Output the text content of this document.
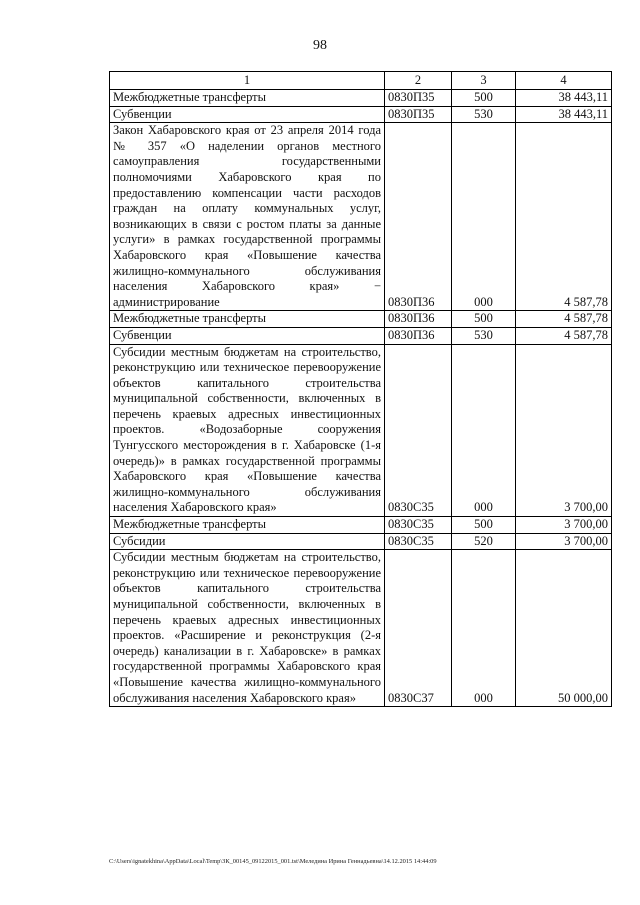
98
1	2	3	4
Межбюджетные трансферты	0830П35	500	38 443,11
Субвенции	0830П35	530	38 443,11
Закон Хабаровского края от 23 апреля 2014 года № 357 «О наделении органов местного самоуправления государственными полномочиями Хабаровского края по предоставлению компенсации части расходов граждан на оплату коммунальных услуг, возникающих в связи с ростом платы за данные услуги» в рамках государственной программы Хабаровского края «Повышение качества жилищно-коммунального обслуживания населения Хабаровского края» − администрирование	0830П36	000	4 587,78
Межбюджетные трансферты	0830П36	500	4 587,78
Субвенции	0830П36	530	4 587,78
Субсидии местным бюджетам на строительство, реконструкцию или техническое перевооружение объектов капитального строительства муниципальной собственности, включенных в перечень краевых адресных инвестиционных проектов. «Водозаборные сооружения Тунгусского месторождения в г. Хабаровске (1-я очередь)» в рамках государственной программы Хабаровского края «Повышение качества жилищно-коммунального обслуживания населения Хабаровского края»	0830С35	000	3 700,00
Межбюджетные трансферты	0830С35	500	3 700,00
Субсидии	0830С35	520	3 700,00
Субсидии местным бюджетам на строительство, реконструкцию или техническое перевооружение объектов капитального строительства муниципальной собственности, включенных в перечень краевых адресных инвестиционных проектов. «Расширение и реконструкция (2-я очередь) канализации в г. Хабаровске» в рамках государственной программы Хабаровского края «Повышение качества жилищно-коммунального обслуживания населения Хабаровского края»	0830С37	000	50 000,00
C:\Users\ignatekhina\AppData\Local\Temp\ЗК_00145_09122015_001.tst\Меледина Ирина Геннадьевна\14.12.2015 14:44:09
